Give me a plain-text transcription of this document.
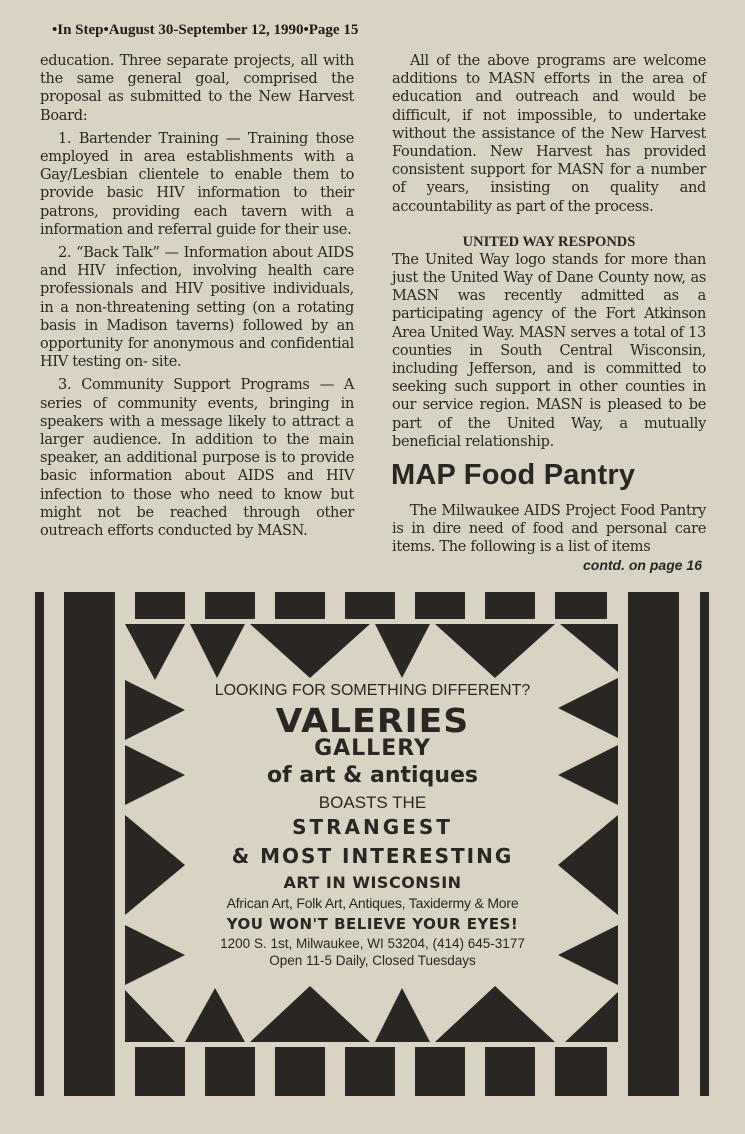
•In Step•August 30-September 12, 1990•Page 15

education. Three separate projects, all with the same general goal, comprised the proposal as submitted to the New Harvest Board:

1. Bartender Training — Training those employed in area establishments with a Gay/Lesbian clientele to enable them to provide basic HIV information to their patrons, providing each tavern with a information and referral guide for their use.

2. “Back Talk” — Information about AIDS and HIV infection, involving health care professionals and HIV positive individuals, in a non-threatening setting (on a rotating basis in Madison taverns) followed by an opportunity for anonymous and confidential HIV testing on- site.

3. Community Support Programs — A series of community events, bringing in speakers with a message likely to attract a larger audience. In addition to the main speaker, an additional purpose is to provide basic information about AIDS and HIV infection to those who need to know but might not be reached through other outreach efforts conducted by MASN.

All of the above programs are welcome additions to MASN efforts in the area of education and outreach and would be difficult, if not impossible, to undertake without the assistance of the New Harvest Foundation. New Harvest has provided consistent support for MASN for a number of years, insisting on quality and accountability as part of the process.

UNITED WAY RESPONDS

The United Way logo stands for more than just the United Way of Dane County now, as MASN was recently admitted as a participating agency of the Fort Atkinson Area United Way. MASN serves a total of 13 counties in South Central Wisconsin, including Jefferson, and is committed to seeking such support in other counties in our service region. MASN is pleased to be part of the United Way, a mutually beneficial relationship.

MAP Food Pantry

The Milwaukee AIDS Project Food Pantry is in dire need of food and personal care items. The following is a list of items

contd. on page 16
LOOKING FOR SOMETHING DIFFERENT?
VALERIES
GALLERY
of art & antiques
BOASTS THE
STRANGEST
& MOST INTERESTING
ART IN WISCONSIN
African Art, Folk Art, Antiques, Taxidermy & More
YOU WON'T BELIEVE YOUR EYES!
1200 S. 1st, Milwaukee, WI 53204, (414) 645-3177
Open 11-5 Daily, Closed Tuesdays
